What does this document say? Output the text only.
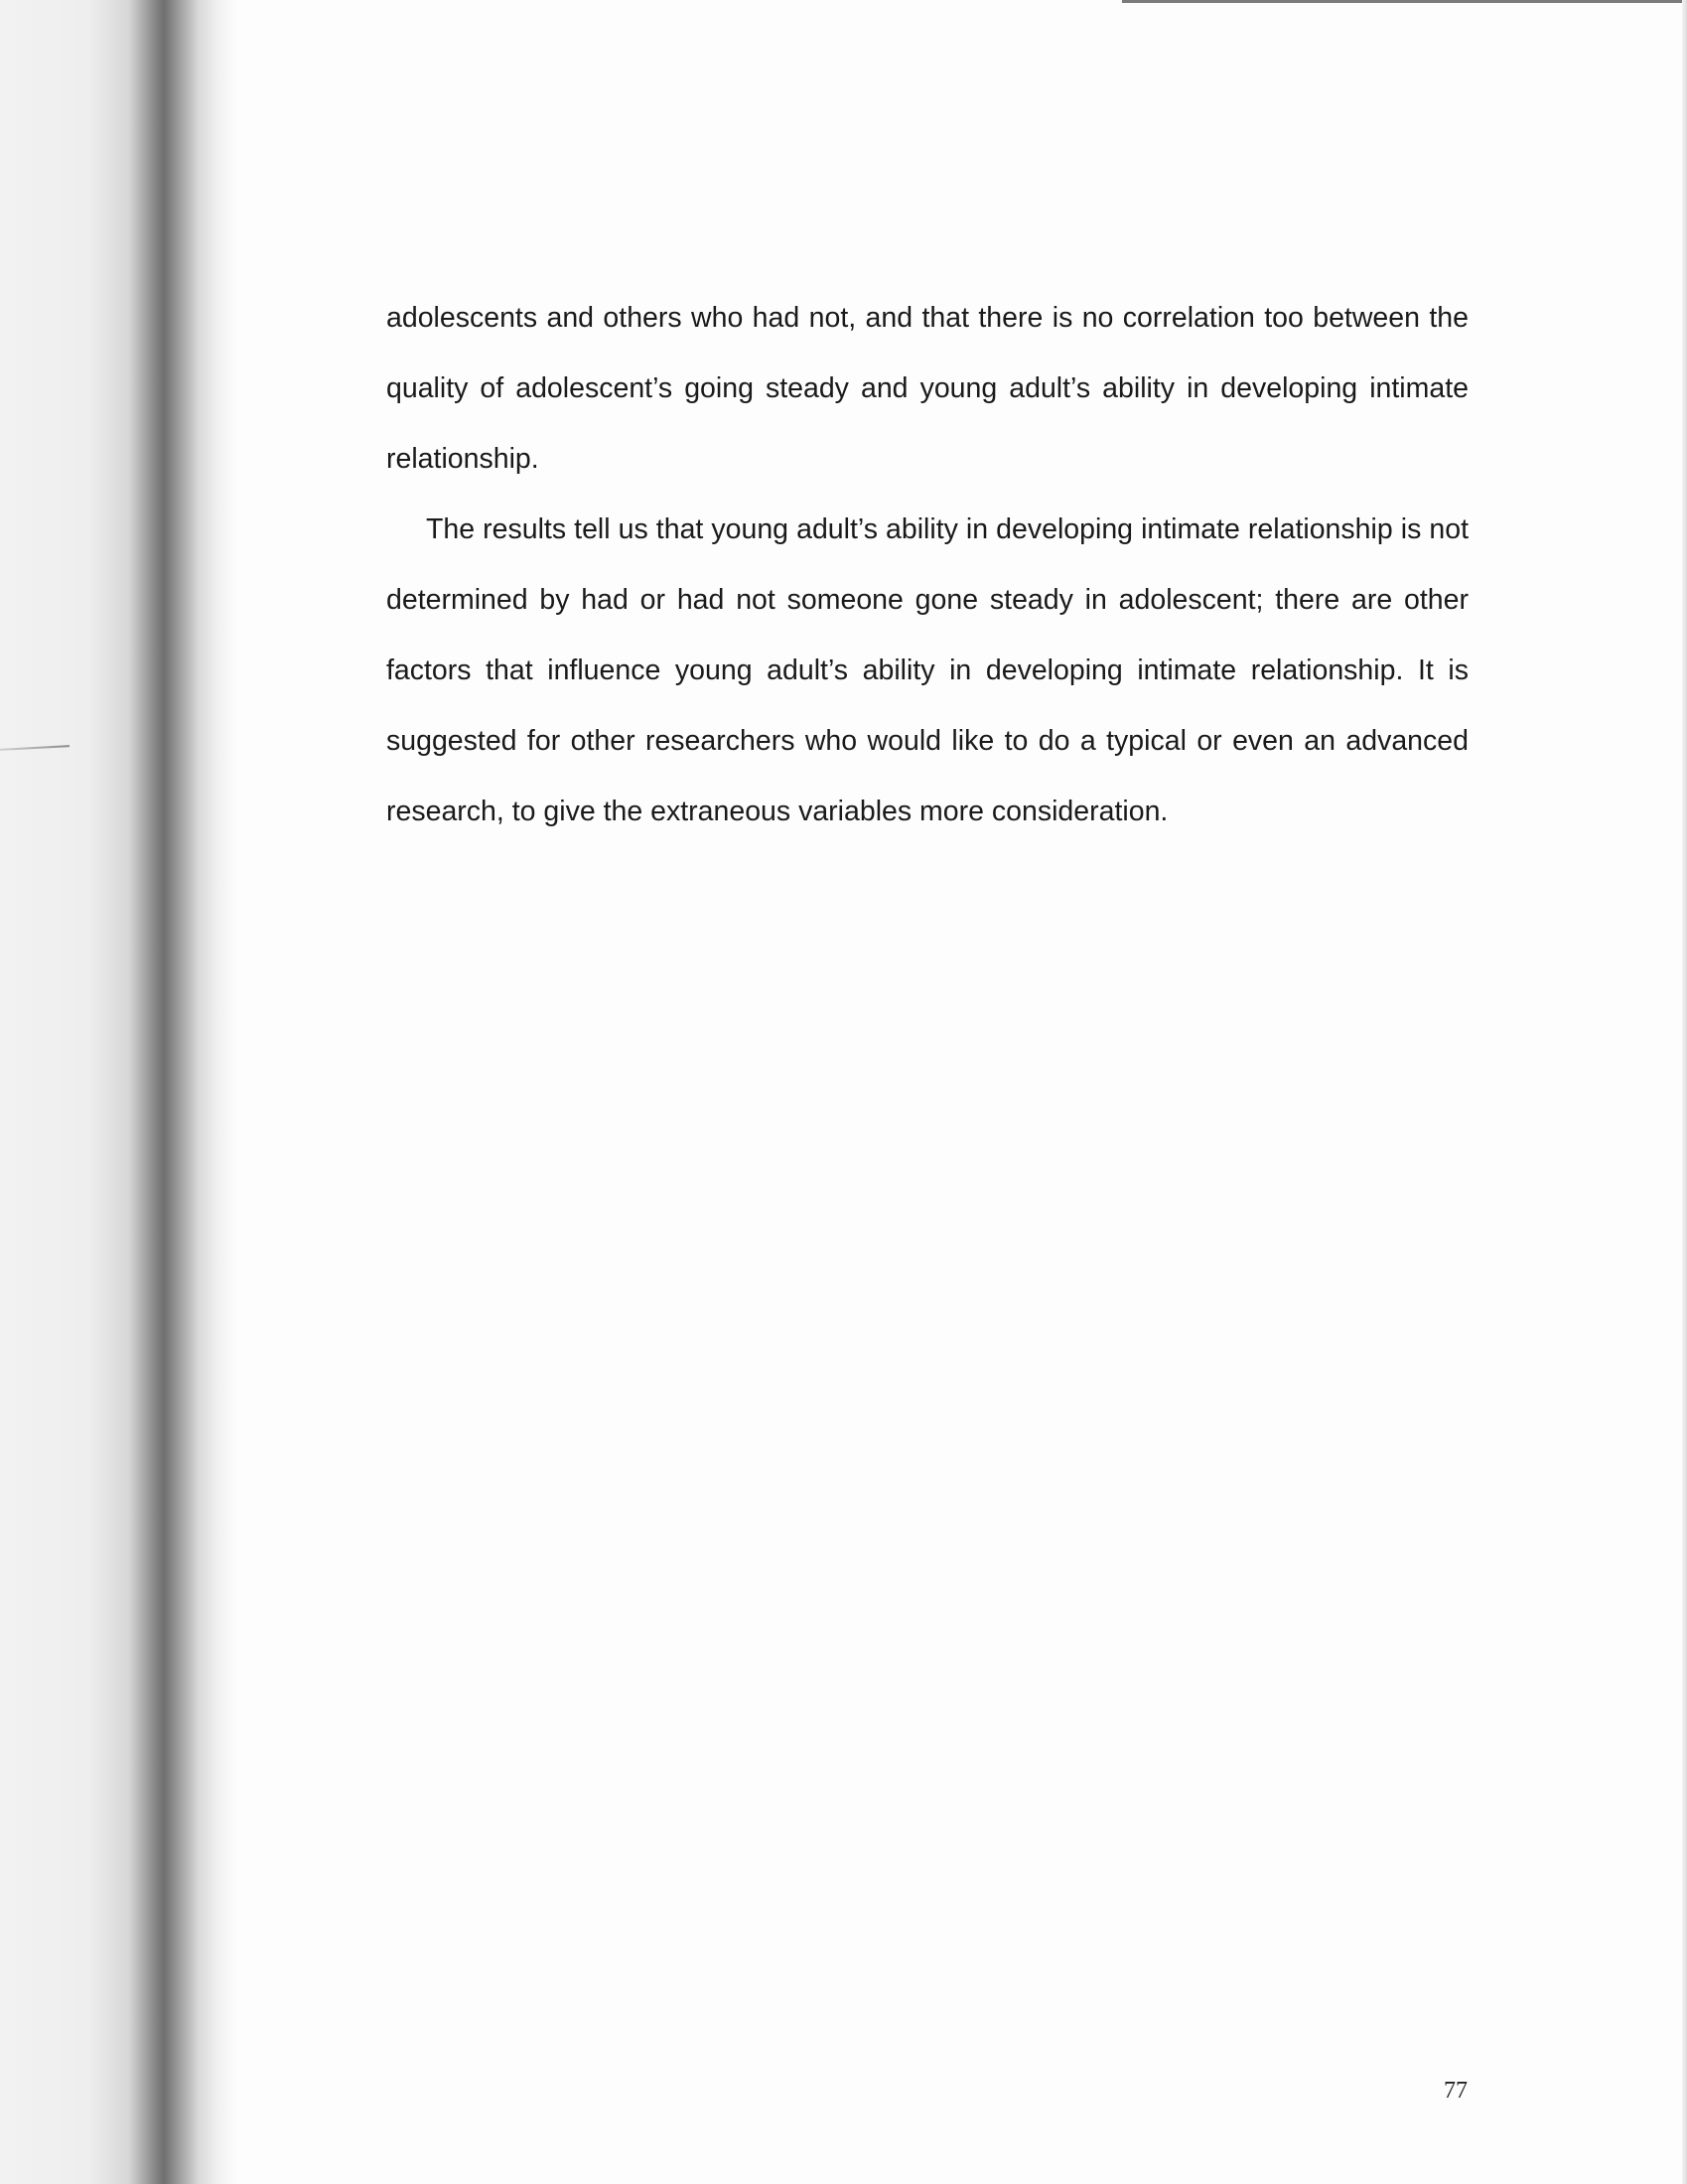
adolescents and others who had not, and that there is no correlation too between the quality of adolescent’s going steady and young adult’s ability in developing intimate relationship.

The results tell us that young adult’s ability in developing intimate relationship is not determined by had or had not someone gone steady in adolescent; there are other factors that influence young adult’s ability in developing intimate relationship. It is suggested for other researchers who would like to do a typical or even an advanced research, to give the extraneous variables more consideration.

77
